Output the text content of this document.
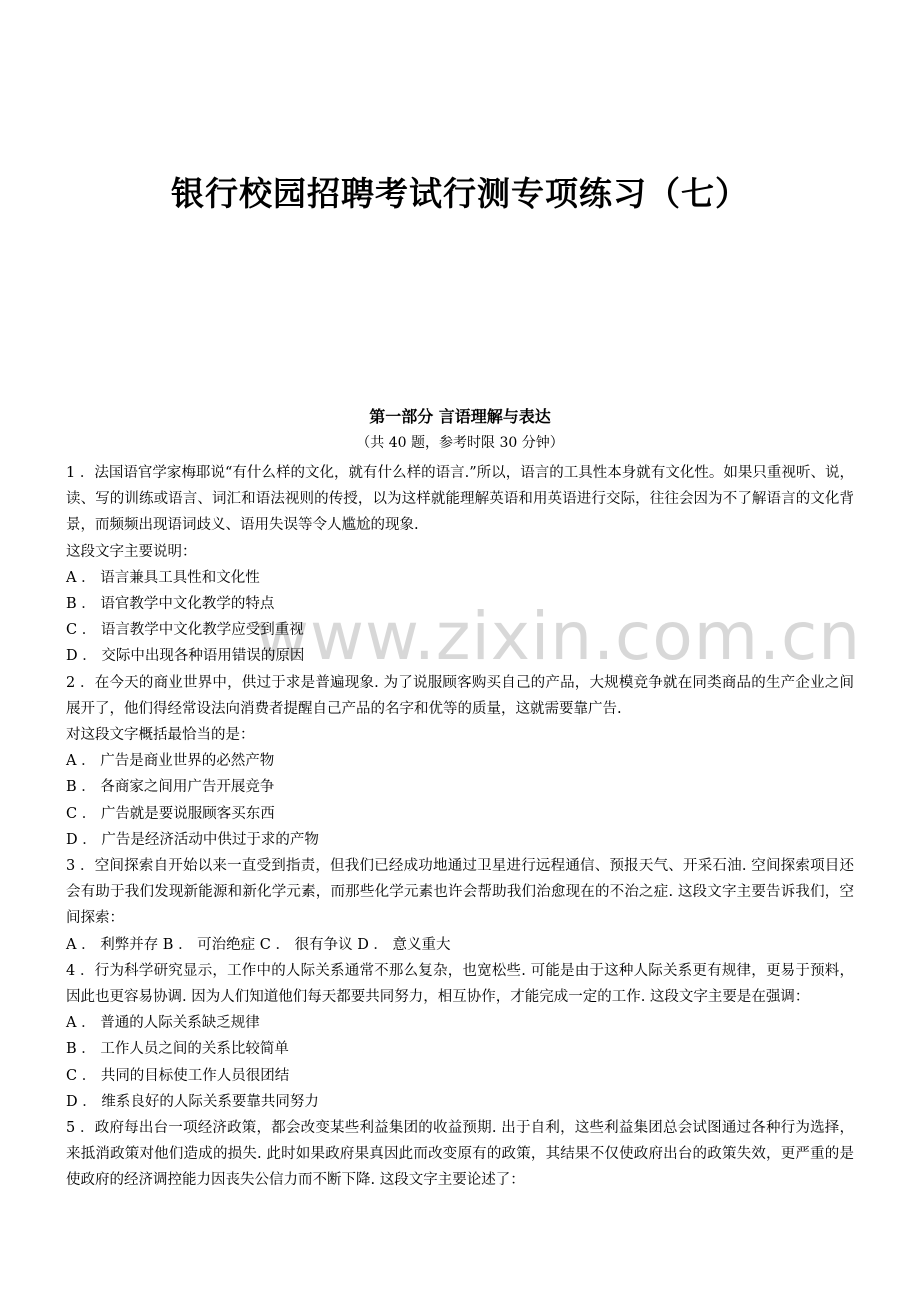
银行校园招聘考试行测专项练习（七）
www.zixin.com.cn
第一部分 言语理解与表达
（共 40 题，参考时限 30 分钟）
1 ．法国语官学家梅耶说“有什么样的文化，就有什么样的语言.”所以，语言的工具性本身就有文化性。如果只重视听、说，读、写的训练或语言、词汇和语法视则的传授，以为这样就能理解英语和用英语进行交际，往往会因为不了解语言的文化背景，而频频出现语词歧义、语用失误等令人尴尬的现象.
这段文字主要说明：
A ． 语言兼具工具性和文化性
B ． 语官教学中文化教学的特点
C ． 语言教学中文化教学应受到重视
D ． 交际中出现各种语用错误的原因
2 ．在今天的商业世界中，供过于求是普遍现象. 为了说服顾客购买自己的产品，大规模竞争就在同类商品的生产企业之间展开了，他们得经常设法向消费者提醒自己产品的名字和优等的质量，这就需要靠广告.
对这段文字概括最恰当的是：
A ． 广告是商业世界的必然产物
B ． 各商家之间用广告开展竞争
C ． 广告就是要说服顾客买东西
D ． 广告是经济活动中供过于求的产物
3 ．空间探索自开始以来一直受到指责，但我们已经成功地通过卫星进行远程通信、预报天气、开采石油. 空间探索项目还会有助于我们发现新能源和新化学元素，而那些化学元素也许会帮助我们治愈现在的不治之症. 这段文字主要告诉我们，空间探索：
A ． 利弊并存 B ． 可治绝症 C ． 很有争议 D ． 意义重大
4 ．行为科学研究显示，工作中的人际关系通常不那么复杂，也宽松些. 可能是由于这种人际关系更有规律，更易于预料，因此也更容易协调. 因为人们知道他们每天都要共同努力，相互协作，才能完成一定的工作. 这段文字主要是在强调：
A ． 普通的人际关系缺乏规律
B ． 工作人员之间的关系比较简单
C ． 共同的目标使工作人员很团结
D ． 维系良好的人际关系要靠共同努力
5 ．政府每出台一项经济政策，都会改变某些利益集团的收益预期. 出于自利，这些利益集团总会试图通过各种行为选择，来抵消政策对他们造成的损失. 此时如果政府果真因此而改变原有的政策，其结果不仅使政府出台的政策失效，更严重的是使政府的经济调控能力因丧失公信力而不断下降. 这段文字主要论述了：
